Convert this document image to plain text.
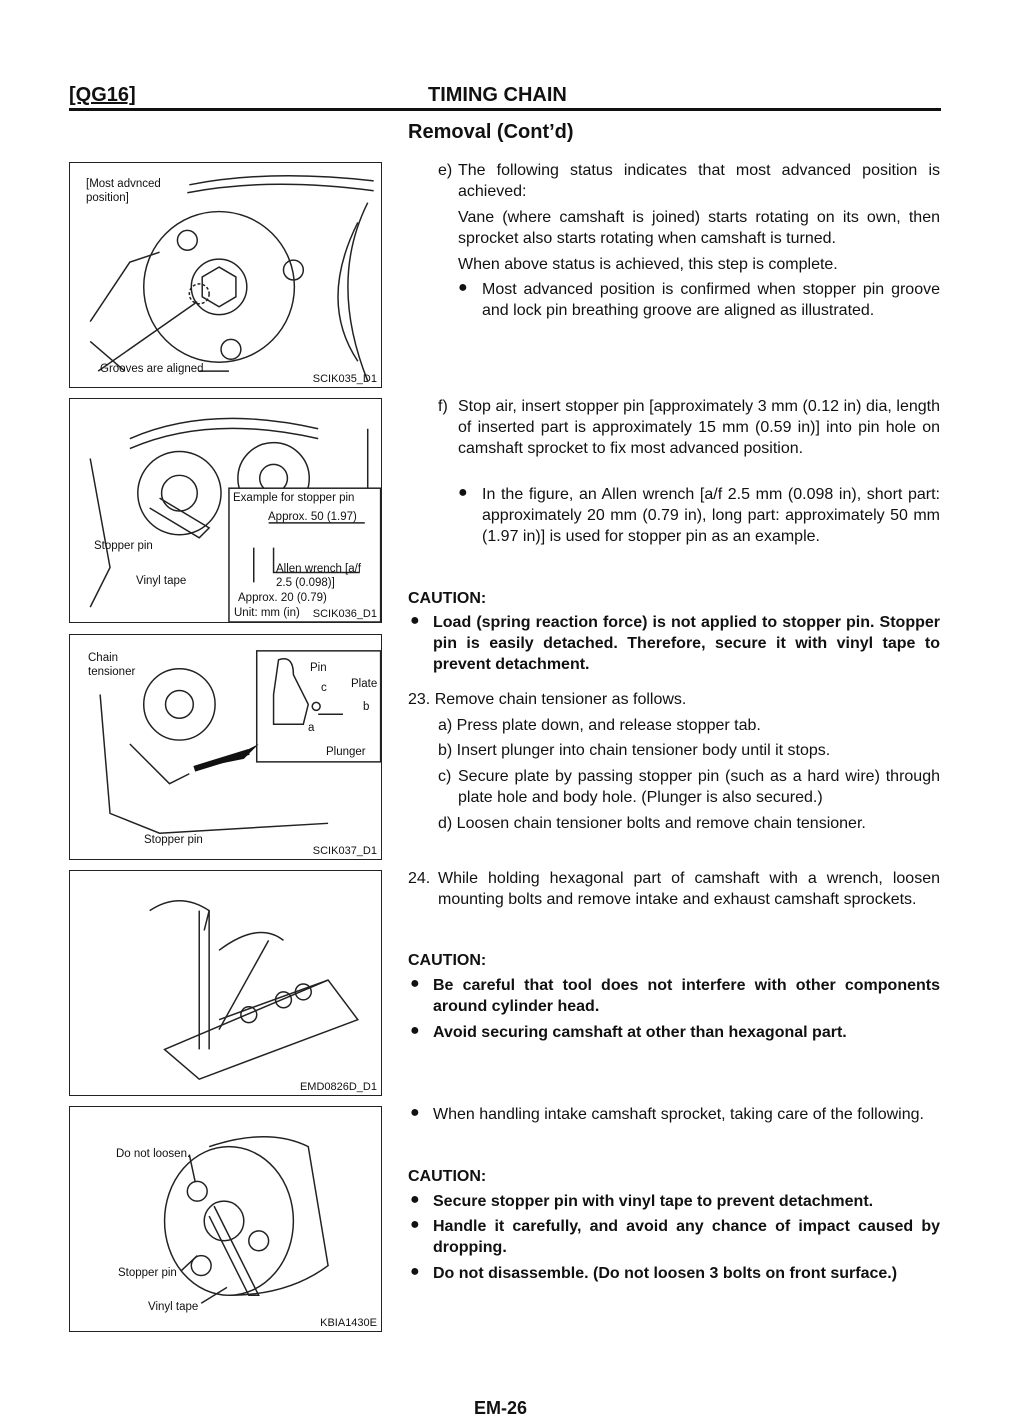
[QG16]	TIMING CHAIN
Removal (Cont’d)
[Most advnced position]
Grooves are aligned
SCIK035_D1
Example for stopper pin
Approx. 50 (1.97)
Stopper pin
Vinyl tape
Allen wrench [a/f 2.5 (0.098)]
Approx. 20 (0.79)
Unit: mm (in) SCIK036_D1
Chain tensioner	Pin
Plate
c
b
a
Plunger
Stopper pin
SCIK037_D1
EMD0826D_D1
Do not loosen.
Stopper pin
Vinyl tape
KBIA1430E
e) The following status indicates that most advanced position is achieved:
Vane (where camshaft is joined) starts rotating on its own, then sprocket also starts rotating when camshaft is turned.
When above status is achieved, this step is complete.
● Most advanced position is confirmed when stopper pin groove and lock pin breathing groove are aligned as illustrated.
f) Stop air, insert stopper pin [approximately 3 mm (0.12 in) dia, length of inserted part is approximately 15 mm (0.59 in)] into pin hole on camshaft sprocket to fix most advanced position.
● In the figure, an Allen wrench [a/f 2.5 mm (0.098 in), short part: approximately 20 mm (0.79 in), long part: approximately 50 mm (1.97 in)] is used for stopper pin as an example.
CAUTION:
● Load (spring reaction force) is not applied to stopper pin. Stopper pin is easily detached. Therefore, secure it with vinyl tape to prevent detachment.
23. Remove chain tensioner as follows.
a) Press plate down, and release stopper tab.
b) Insert plunger into chain tensioner body until it stops.
c) Secure plate by passing stopper pin (such as a hard wire) through plate hole and body hole. (Plunger is also secured.)
d) Loosen chain tensioner bolts and remove chain tensioner.
24. While holding hexagonal part of camshaft with a wrench, loosen mounting bolts and remove intake and exhaust camshaft sprockets.
CAUTION:
● Be careful that tool does not interfere with other components around cylinder head.
● Avoid securing camshaft at other than hexagonal part.
● When handling intake camshaft sprocket, taking care of the following.
CAUTION:
● Secure stopper pin with vinyl tape to prevent detachment.
● Handle it carefully, and avoid any chance of impact caused by dropping.
● Do not disassemble. (Do not loosen 3 bolts on front surface.)
EM-26
